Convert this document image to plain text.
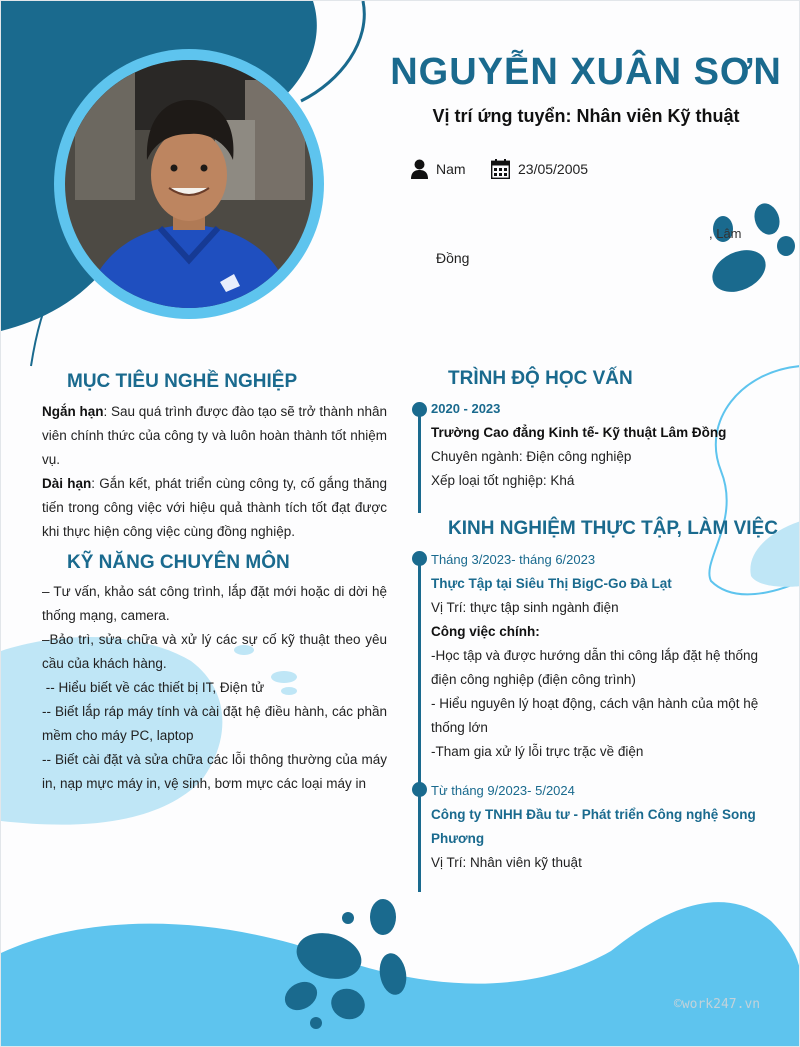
NGUYỄN XUÂN SƠN
Vị trí ứng tuyển: Nhân viên Kỹ thuật
Nam	23/05/2005
, Lâm
Đồng
MỤC TIÊU NGHỀ NGHIỆP

Ngắn hạn: Sau quá trình được đào tạo sẽ trở thành nhân viên chính thức của công ty và luôn hoàn thành tốt nhiệm vụ.

Dài hạn: Gắn kết, phát triển cùng công ty, cố gắng thăng tiến trong công việc với hiệu quả thành tích tốt đạt được khi thực hiện công việc cùng đồng nghiệp.

KỸ NĂNG CHUYÊN MÔN

– Tư vấn, khảo sát công trình, lắp đặt mới hoặc di dời hệ thống mạng, camera.

–Bảo trì, sửa chữa và xử lý các sự cố kỹ thuật theo yêu cầu của khách hàng.

-- Hiểu biết về các thiết bị IT, Điện tử

-- Biết lắp ráp máy tính và cài đặt hệ điều hành, các phần mềm cho máy PC, laptop

-- Biết cài đặt và sửa chữa các lỗi thông thường của máy in, nạp mực máy in, vệ sinh, bơm mực các loại máy in

TRÌNH ĐỘ HỌC VẤN
2020 - 2023
Trường Cao đẳng Kinh tế- Kỹ thuật Lâm Đồng
Chuyên ngành: Điện công nghiệp
Xếp loại tốt nghiệp: Khá
KINH NGHIỆM THỰC TẬP, LÀM VIỆC
Tháng 3/2023- tháng 6/2023
Thực Tập tại Siêu Thị BigC-Go Đà Lạt
Vị Trí: thực tập sinh ngành điện
Công việc chính:
-Học tập và được hướng dẫn thi công lắp đặt hệ thống điện công nghiệp (điện công trình)
- Hiểu nguyên lý hoạt động, cách vận hành của một hệ thống lớn
-Tham gia xử lý lỗi trực trặc về điện
Từ tháng 9/2023- 5/2024
Công ty TNHH Đầu tư - Phát triển Công nghệ Song Phương
Vị Trí: Nhân viên kỹ thuật
©work247.vn
